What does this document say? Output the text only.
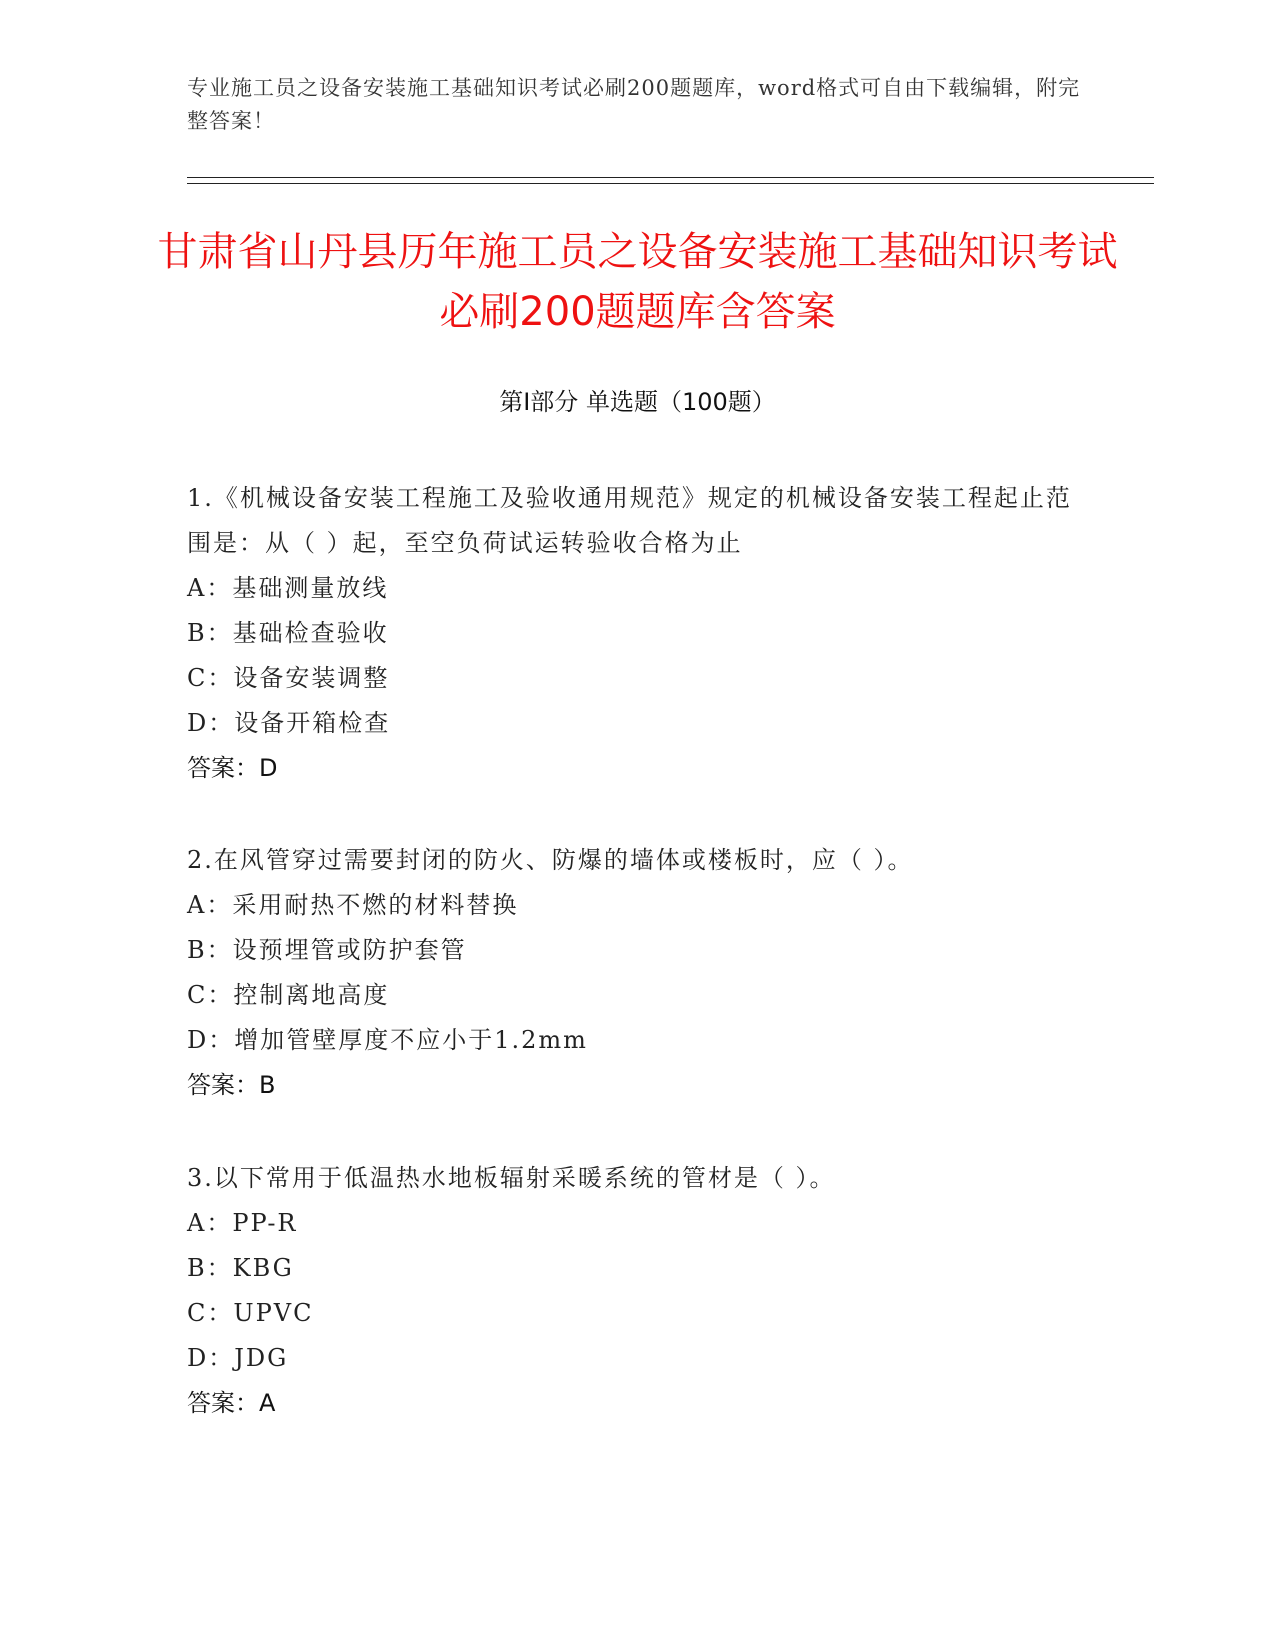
专业施工员之设备安装施工基础知识考试必刷200题题库，word格式可自由下载编辑，附完整答案！
甘肃省山丹县历年施工员之设备安装施工基础知识考试必刷200题题库含答案
第Ⅰ部分 单选题（100题）

1.《机械设备安装工程施工及验收通用规范》规定的机械设备安装工程起止范围是：从（ ）起，至空负荷试运转验收合格为止

A：基础测量放线

B：基础检查验收

C：设备安装调整

D：设备开箱检查

答案：D

2.在风管穿过需要封闭的防火、防爆的墙体或楼板时，应（ ）。

A：采用耐热不燃的材料替换

B：设预埋管或防护套管

C：控制离地高度

D：增加管壁厚度不应小于1.2mm

答案：B

3.以下常用于低温热水地板辐射采暖系统的管材是（ ）。

A：PP-R

B：KBG

C：UPVC

D：JDG

答案：A
